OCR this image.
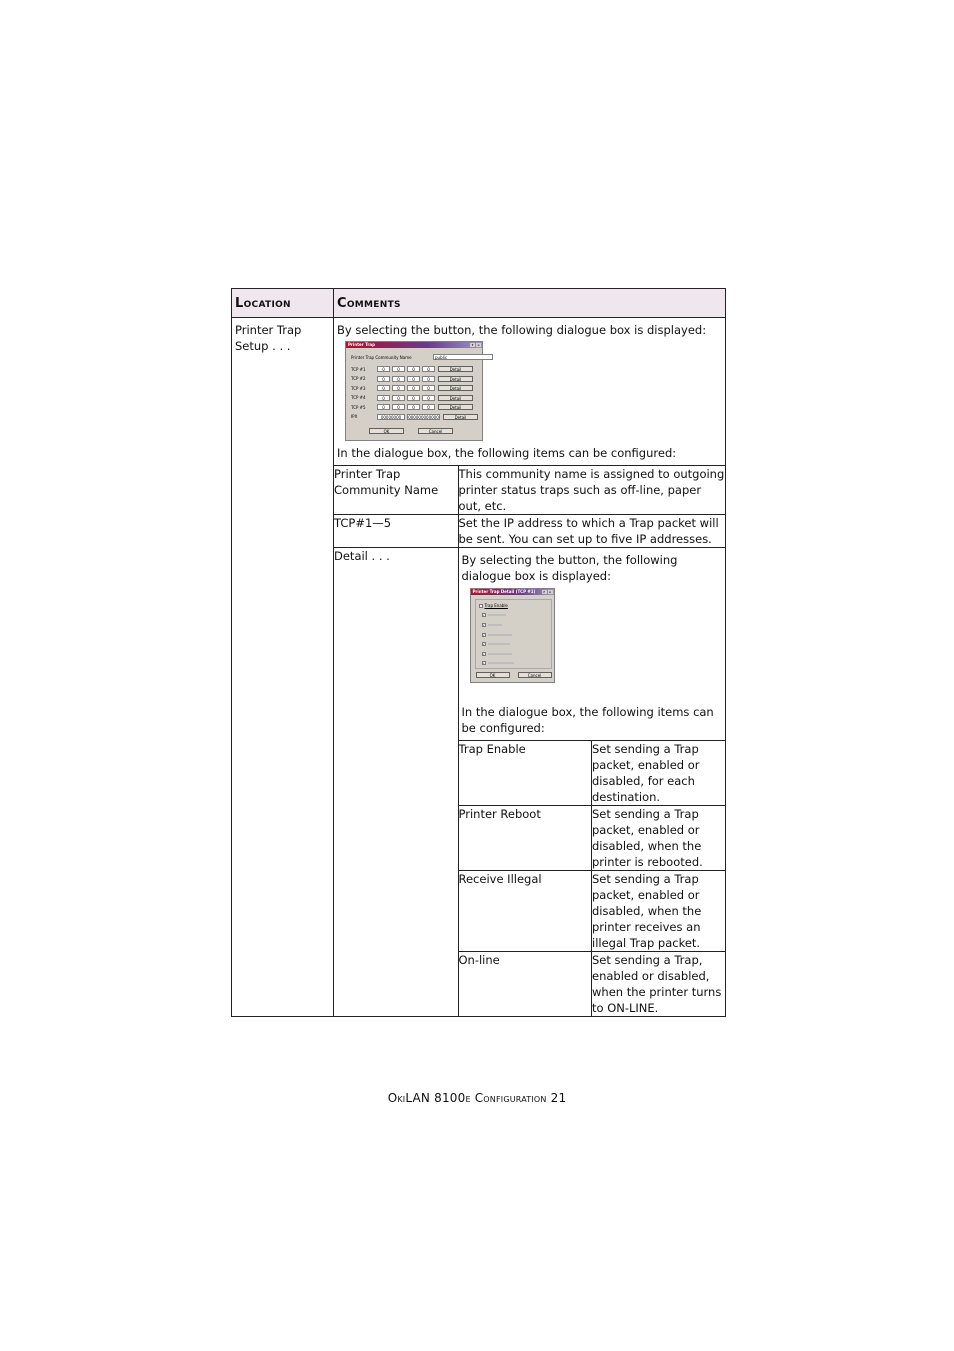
Location	Comments

Printer Trap Setup . . .

By selecting the button, the following dialogue box is displayed:
Printer Trap	?	×
Printer Trap Community Name	public
TCP #1	0	0	0	0	Detail
TCP #2	0	0	0	0	Detail
TCP #3	0	0	0	0	Detail
TCP #4	0	0	0	0	Detail
TCP #5	0	0	0	0	Detail
IPX	00000000	000000000000	Detail
OK	Cancel
In the dialogue box, the following items can be configured:
Printer Trap Community Name	This community name is assigned to outgoing printer status traps such as off-line, paper out, etc.
TCP#1—5	Set the IP address to which a Trap packet will be sent. You can set up to five IP addresses.
Detail . . .	By selecting the button, the following dialogue box is displayed:
Printer Trap Detail (TCP #1)	?	×
Trap Enable
✓
✓
✓
✓
✓
✓
OK	Cancel
In the dialogue box, the following items can be configured:
Trap Enable	Set sending a Trap packet, enabled or disabled, for each destination.
Printer Reboot	Set sending a Trap packet, enabled or disabled, when the printer is rebooted.
Receive Illegal	Set sending a Trap packet, enabled or disabled, when the printer receives an illegal Trap packet.
On-line	Set sending a Trap, enabled or disabled, when the printer turns to ON-LINE.
OkiLAN 8100e Configuration 21
